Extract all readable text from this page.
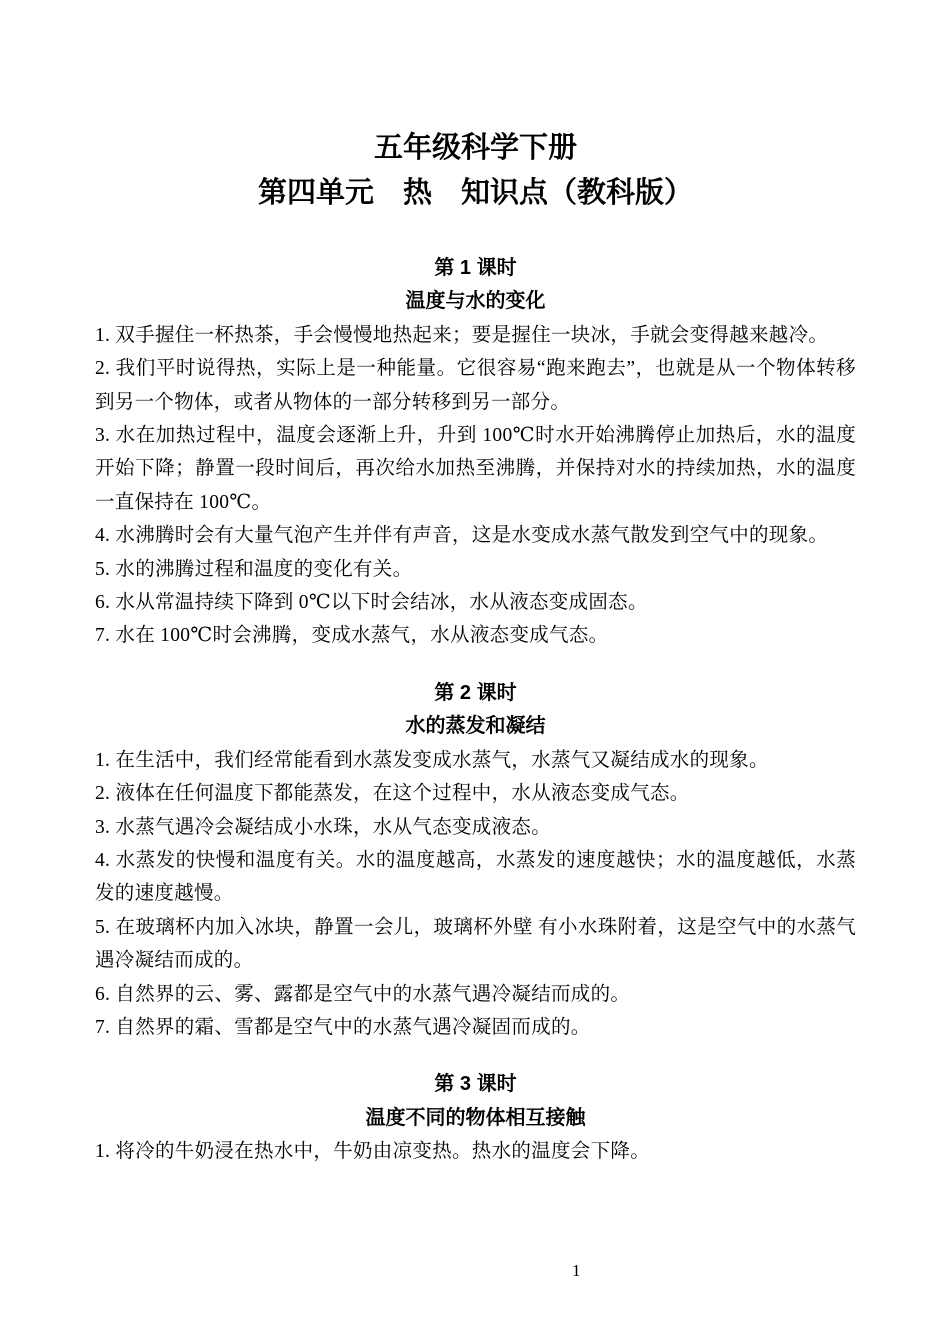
五年级科学下册
第四单元　热　知识点（教科版）
第 1 课时
温度与水的变化

1. 双手握住一杯热茶，手会慢慢地热起来；要是握住一块冰，手就会变得越来越冷。

2. 我们平时说得热，实际上是一种能量。它很容易“跑来跑去”，也就是从一个物体转移到另一个物体，或者从物体的一部分转移到另一部分。

3. 水在加热过程中，温度会逐渐上升，升到 100℃时水开始沸腾停止加热后，水的温度开始下降；静置一段时间后，再次给水加热至沸腾，并保持对水的持续加热，水的温度一直保持在 100℃。

4. 水沸腾时会有大量气泡产生并伴有声音，这是水变成水蒸气散发到空气中的现象。

5. 水的沸腾过程和温度的变化有关。

6. 水从常温持续下降到 0℃以下时会结冰，水从液态变成固态。

7. 水在 100℃时会沸腾，变成水蒸气，水从液态变成气态。

第 2 课时
水的蒸发和凝结

1. 在生活中，我们经常能看到水蒸发变成水蒸气，水蒸气又凝结成水的现象。

2. 液体在任何温度下都能蒸发，在这个过程中，水从液态变成气态。

3. 水蒸气遇冷会凝结成小水珠，水从气态变成液态。

4. 水蒸发的快慢和温度有关。水的温度越高，水蒸发的速度越快；水的温度越低，水蒸发的速度越慢。

5. 在玻璃杯内加入冰块，静置一会儿，玻璃杯外壁 有小水珠附着，这是空气中的水蒸气遇冷凝结而成的。

6. 自然界的云、雾、露都是空气中的水蒸气遇冷凝结而成的。

7. 自然界的霜、雪都是空气中的水蒸气遇冷凝固而成的。

第 3 课时
温度不同的物体相互接触

1. 将冷的牛奶浸在热水中，牛奶由凉变热。热水的温度会下降。

1
